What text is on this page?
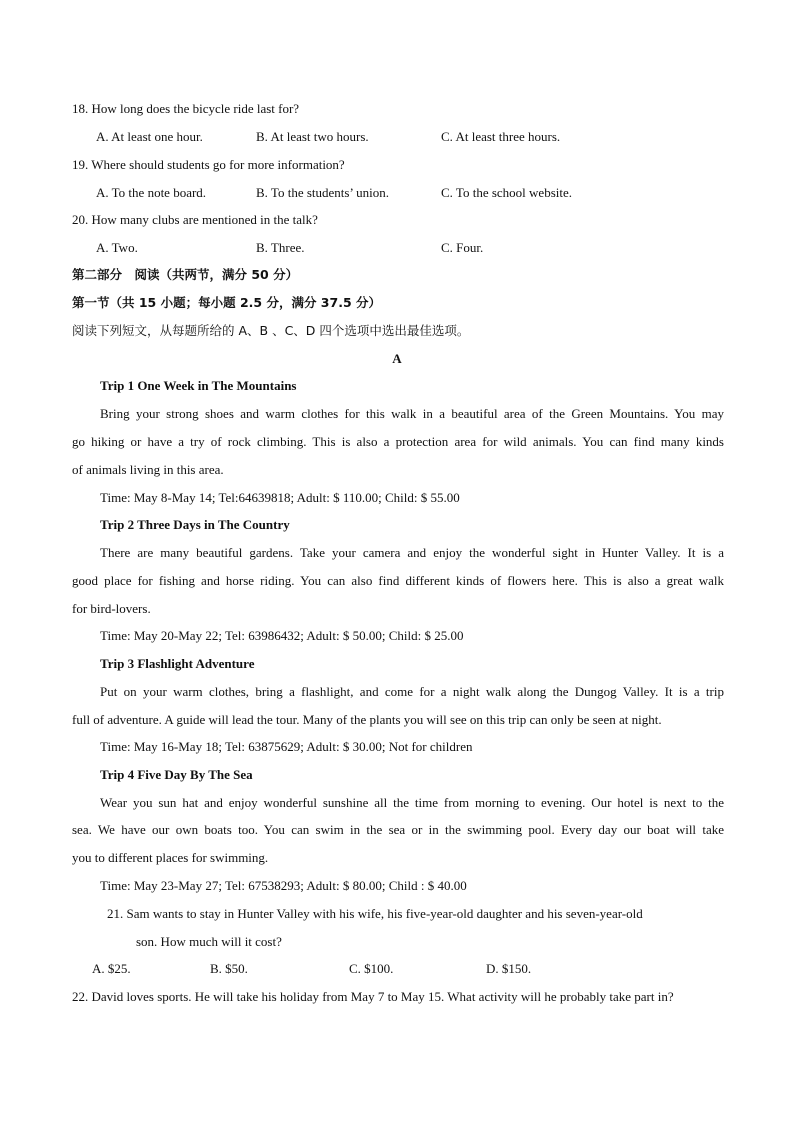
18. How long does the bicycle ride last for?
A. At least one hour.	B. At least two hours.	C. At least three hours.
19. Where should students go for more information?
A. To the note board.	B. To the students’ union.	C. To the school website.
20. How many clubs are mentioned in the talk?
A. Two.	B. Three.	C. Four.
第二部分　阅读（共两节，满分 50 分）
第一节（共 15 小题；每小题 2.5 分，满分 37.5 分）
阅读下列短文，从每题所给的 A、B 、C、D 四个选项中选出最佳选项。
A
Trip 1 One Week in The Mountains
Bring your strong shoes and warm clothes for this walk in a beautiful area of the Green Mountains. You may
go hiking or have a try of rock climbing. This is also a protection area for wild animals. You can find many kinds
of animals living in this area.
Time: May 8-May 14; Tel:64639818; Adult: $ 110.00; Child: $ 55.00
Trip 2 Three Days in The Country
There are many beautiful gardens. Take your camera and enjoy the wonderful sight in Hunter Valley. It is a
good place for fishing and horse riding. You can also find different kinds of flowers here. This is also a great walk
for bird-lovers.
Time: May 20-May 22; Tel: 63986432; Adult: $ 50.00; Child: $ 25.00
Trip 3 Flashlight Adventure
Put on your warm clothes, bring a flashlight, and come for a night walk along the Dungog Valley. It is a trip
full of adventure. A guide will lead the tour. Many of the plants you will see on this trip can only be seen at night.
Time: May 16-May 18; Tel: 63875629; Adult: $ 30.00; Not for children
Trip 4 Five Day By The Sea
Wear you sun hat and enjoy wonderful sunshine all the time from morning to evening. Our hotel is next to the
sea. We have our own boats too. You can swim in the sea or in the swimming pool. Every day our boat will take
you to different places for swimming.
Time: May 23-May 27; Tel: 67538293; Adult: $ 80.00; Child : $ 40.00
21. Sam wants to stay in Hunter Valley with his wife, his five-year-old daughter and his seven-year-old
son. How much will it cost?
A. $25.	B. $50.	C. $100.	D. $150.
22. David loves sports. He will take his holiday from May 7 to May 15. What activity will he probably take part in?
